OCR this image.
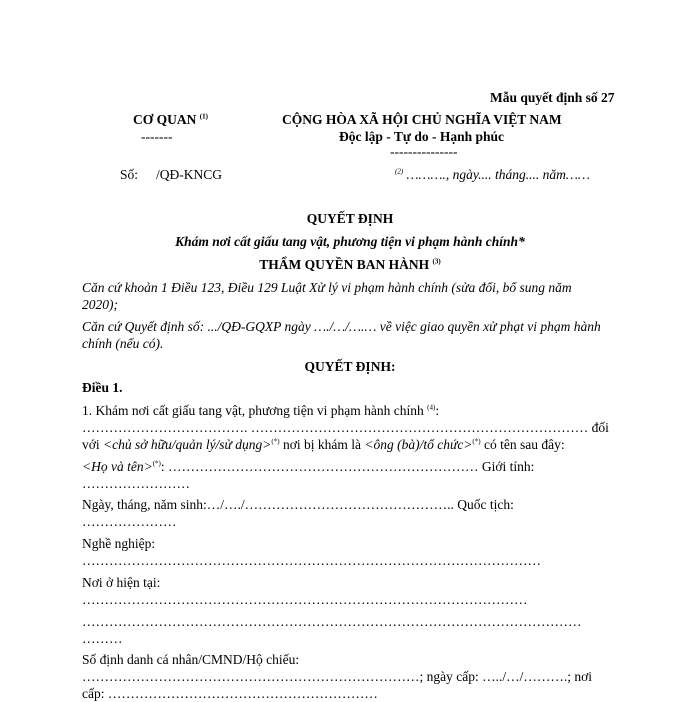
Mẫu quyết định số 27
CƠ QUAN $^{(1)}$
-------
CỘNG HÒA XÃ HỘI CHỦ NGHĨA VIỆT NAM
Độc lập - Tự do - Hạnh phúc
---------------
Số: /QĐ-KNCG	$^{(2)}$ ………., ngày.... tháng.... năm……
QUYẾT ĐỊNH
Khám nơi cất giấu tang vật, phương tiện vi phạm hành chính*
THẨM QUYỀN BAN HÀNH $^{(3)}$
Căn cứ khoản 1 Điều 123, Điều 129 Luật Xử lý vi phạm hành chính (sửa đổi, bổ sung năm
2020);
Căn cứ Quyết định số: .../QĐ-GQXP ngày …./…/….… về việc giao quyền xử phạt vi phạm hành
chính (nếu có).
QUYẾT ĐỊNH:
Điều 1.
1. Khám nơi cất giấu tang vật, phương tiện vi phạm hành chính $^{(4)}$:
………………………………. ………………………………………………………………… đối
với <chủ sở hữu/quản lý/sử dụng>(*) nơi bị khám là <ông (bà)/tổ chức>(*) có tên sau đây:
<Họ và tên>(*): …………………………………………………………… Giới tính:
……………………
Ngày, tháng, năm sinh:…/…./……………………………………….. Quốc tịch:
…………………
Nghề nghiệp:
…………………………………………………………………………………………
Nơi ở hiện tại:
………………………………………………………………………………………
…………………………………………………………………………………………………
………
Số định danh cá nhân/CMND/Hộ chiếu:
…………………………………………………………………; ngày cấp: …../…/……….; nơi
cấp: ……………………………………………………
